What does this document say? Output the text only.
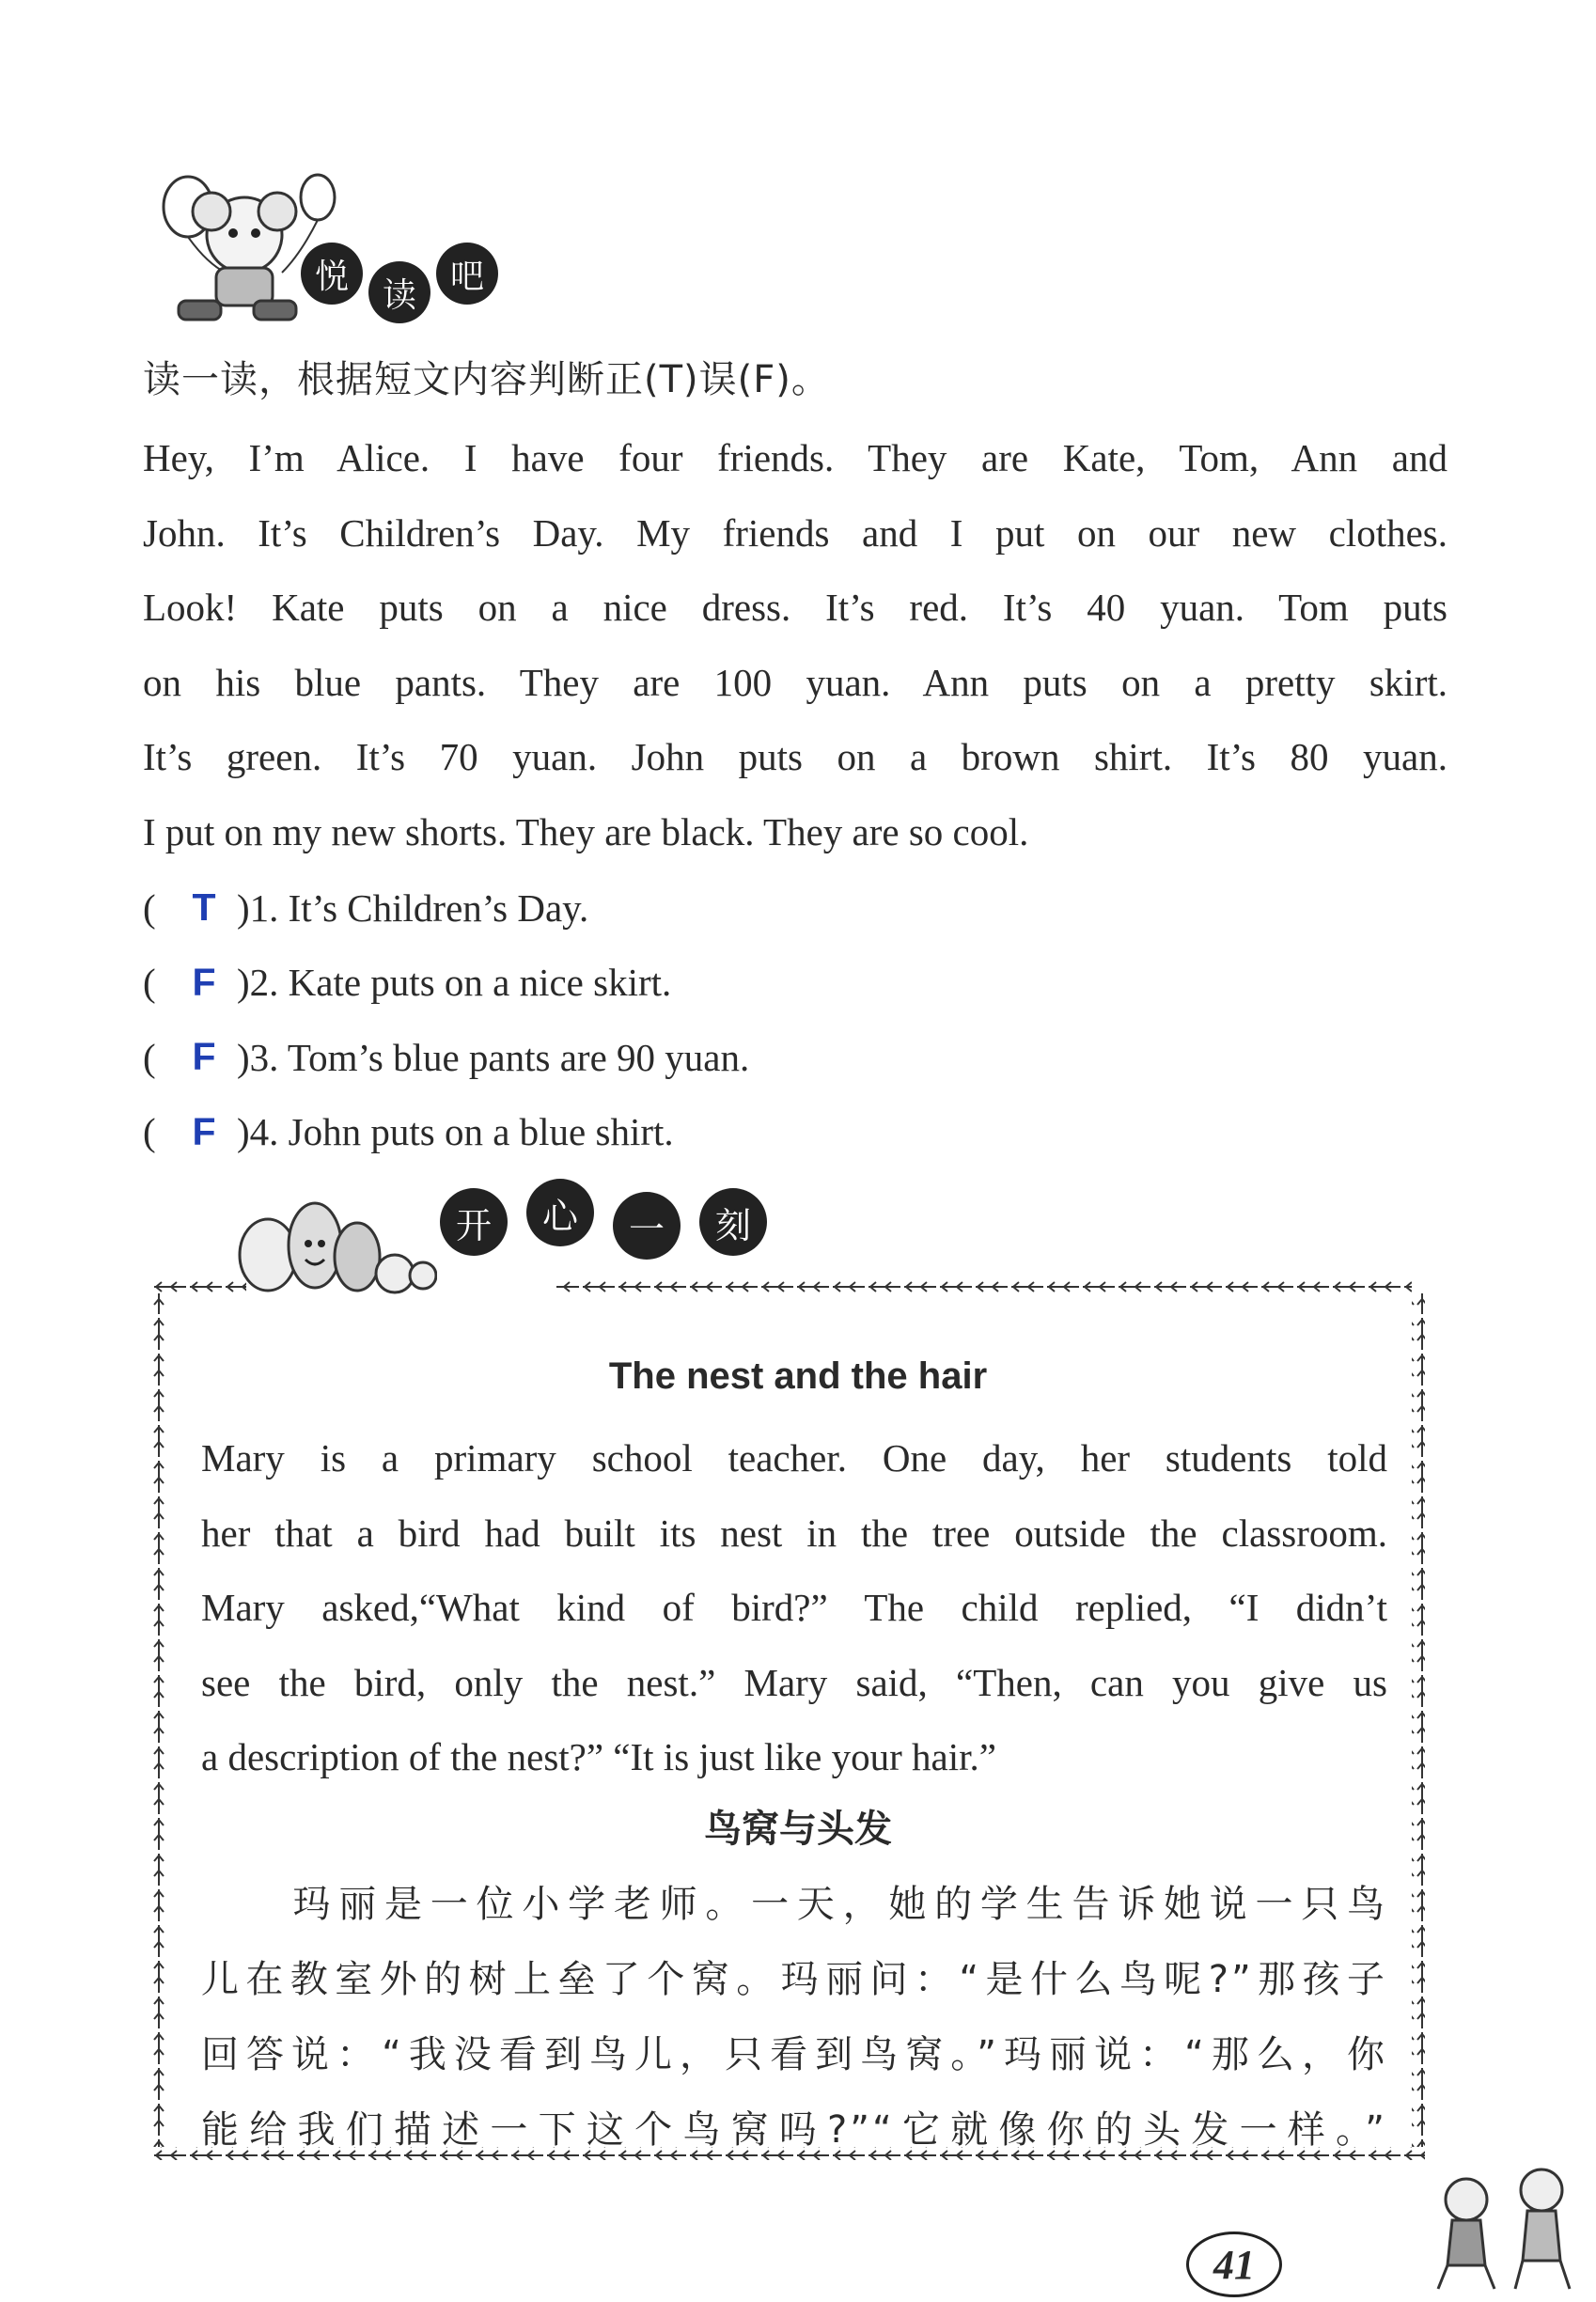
悦 读 吧
读一读，根据短文内容判断正(T)误(F)。

Hey, I’m Alice. I have four friends. They are Kate, Tom, Ann and

John. It’s Children’s Day. My friends and I put on our new clothes.

Look! Kate puts on a nice dress. It’s red. It’s 40 yuan. Tom puts

on his blue pants. They are 100 yuan. Ann puts on a pretty skirt.

It’s green. It’s 70 yuan. John puts on a brown shirt. It’s 80 yuan.

I put on my new shorts. They are black. They are so cool.

( T )1. It’s Children’s Day.
( F )2. Kate puts on a nice skirt.
( F )3. Tom’s blue pants are 90 yuan.
( F )4. John puts on a blue shirt.
开	心	一	刻
The nest and the hair

Mary is a primary school teacher. One day, her students told

her that a bird had built its nest in the tree outside the classroom.

Mary asked,“What kind of bird?” The child replied, “I didn’t

see the bird, only the nest.” Mary said, “Then, can you give us

a description of the nest?” “It is just like your hair.”

鸟窝与头发

　　玛丽是一位小学老师。一天，她的学生告诉她说一只鸟

儿在教室外的树上垒了个窝。玛丽问：“是什么鸟呢?”那孩子

回答说：“我没看到鸟儿，只看到鸟窝。”玛丽说：“那么，你

能给我们描述一下这个鸟窝吗?”“它就像你的头发一样。”

41
